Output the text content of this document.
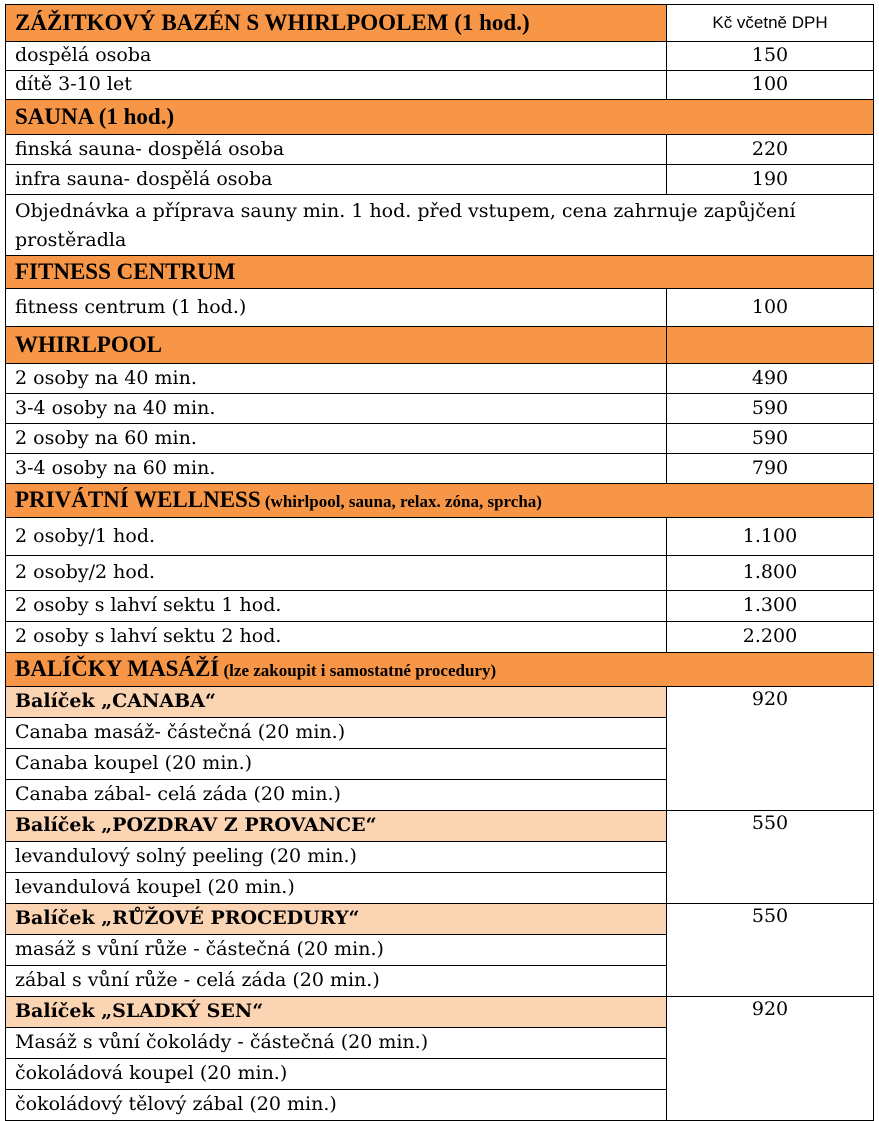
ZÁŽITKOVÝ BAZÉN S WHIRLPOOLEM (1 hod.)	Kč včetně DPH
dospělá osoba	150
dítě 3-10 let	100
SAUNA (1 hod.)	
finská sauna- dospělá osoba	220
infra sauna- dospělá osoba	190
Objednávka a příprava sauny min. 1 hod. před vstupem, cena zahrnuje zapůjčení prostěradla	
FITNESS CENTRUM	
fitness centrum (1 hod.)	100
WHIRLPOOL	
2 osoby na 40 min.	490
3-4 osoby na 40 min.	590
2 osoby na 60 min.	590
3-4 osoby na 60 min.	790
PRIVÁTNÍ WELLNESS (whirlpool, sauna, relax. zóna, sprcha)	
2 osoby/1 hod.	1.100
2 osoby/2 hod.	1.800
2 osoby s lahví sektu 1 hod.	1.300
2 osoby s lahví sektu 2 hod.	2.200
BALÍČKY MASÁŽÍ (lze zakoupit i samostatné procedury)	
Balíček „CANABA“	920
Canaba masáž- částečná (20 min.)	
Canaba koupel (20 min.)	
Canaba zábal- celá záda (20 min.)	
Balíček „POZDRAV Z PROVANCE“	550
levandulový solný peeling (20 min.)	
levandulová koupel (20 min.)	
Balíček „RŮŽOVÉ PROCEDURY“	550
masáž s vůní růže - částečná (20 min.)	
zábal s vůní růže - celá záda (20 min.)	
Balíček „SLADKÝ SEN“	920
Masáž s vůní čokolády - částečná (20 min.)	
čokoládová koupel (20 min.)	
čokoládový tělový zábal (20 min.)	
